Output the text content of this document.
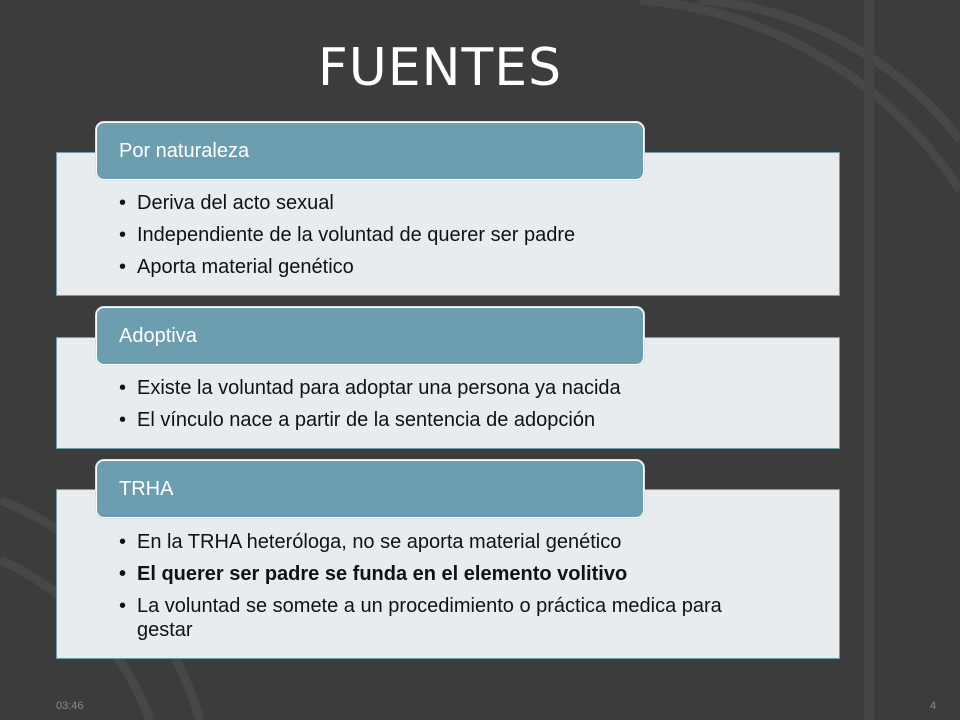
FUENTES
• Deriva del acto sexual
• Independiente de la voluntad de querer ser padre
• Aporta material genético
Por naturaleza
• Existe la voluntad para adoptar una persona ya nacida
• El vínculo nace a partir de la sentencia de adopción
Adoptiva
• En la TRHA heteróloga, no se aporta material genético
• El querer ser padre se funda en el elemento volitivo
• La voluntad se somete a un procedimiento o práctica medica para gestar
TRHA
03:46	4
